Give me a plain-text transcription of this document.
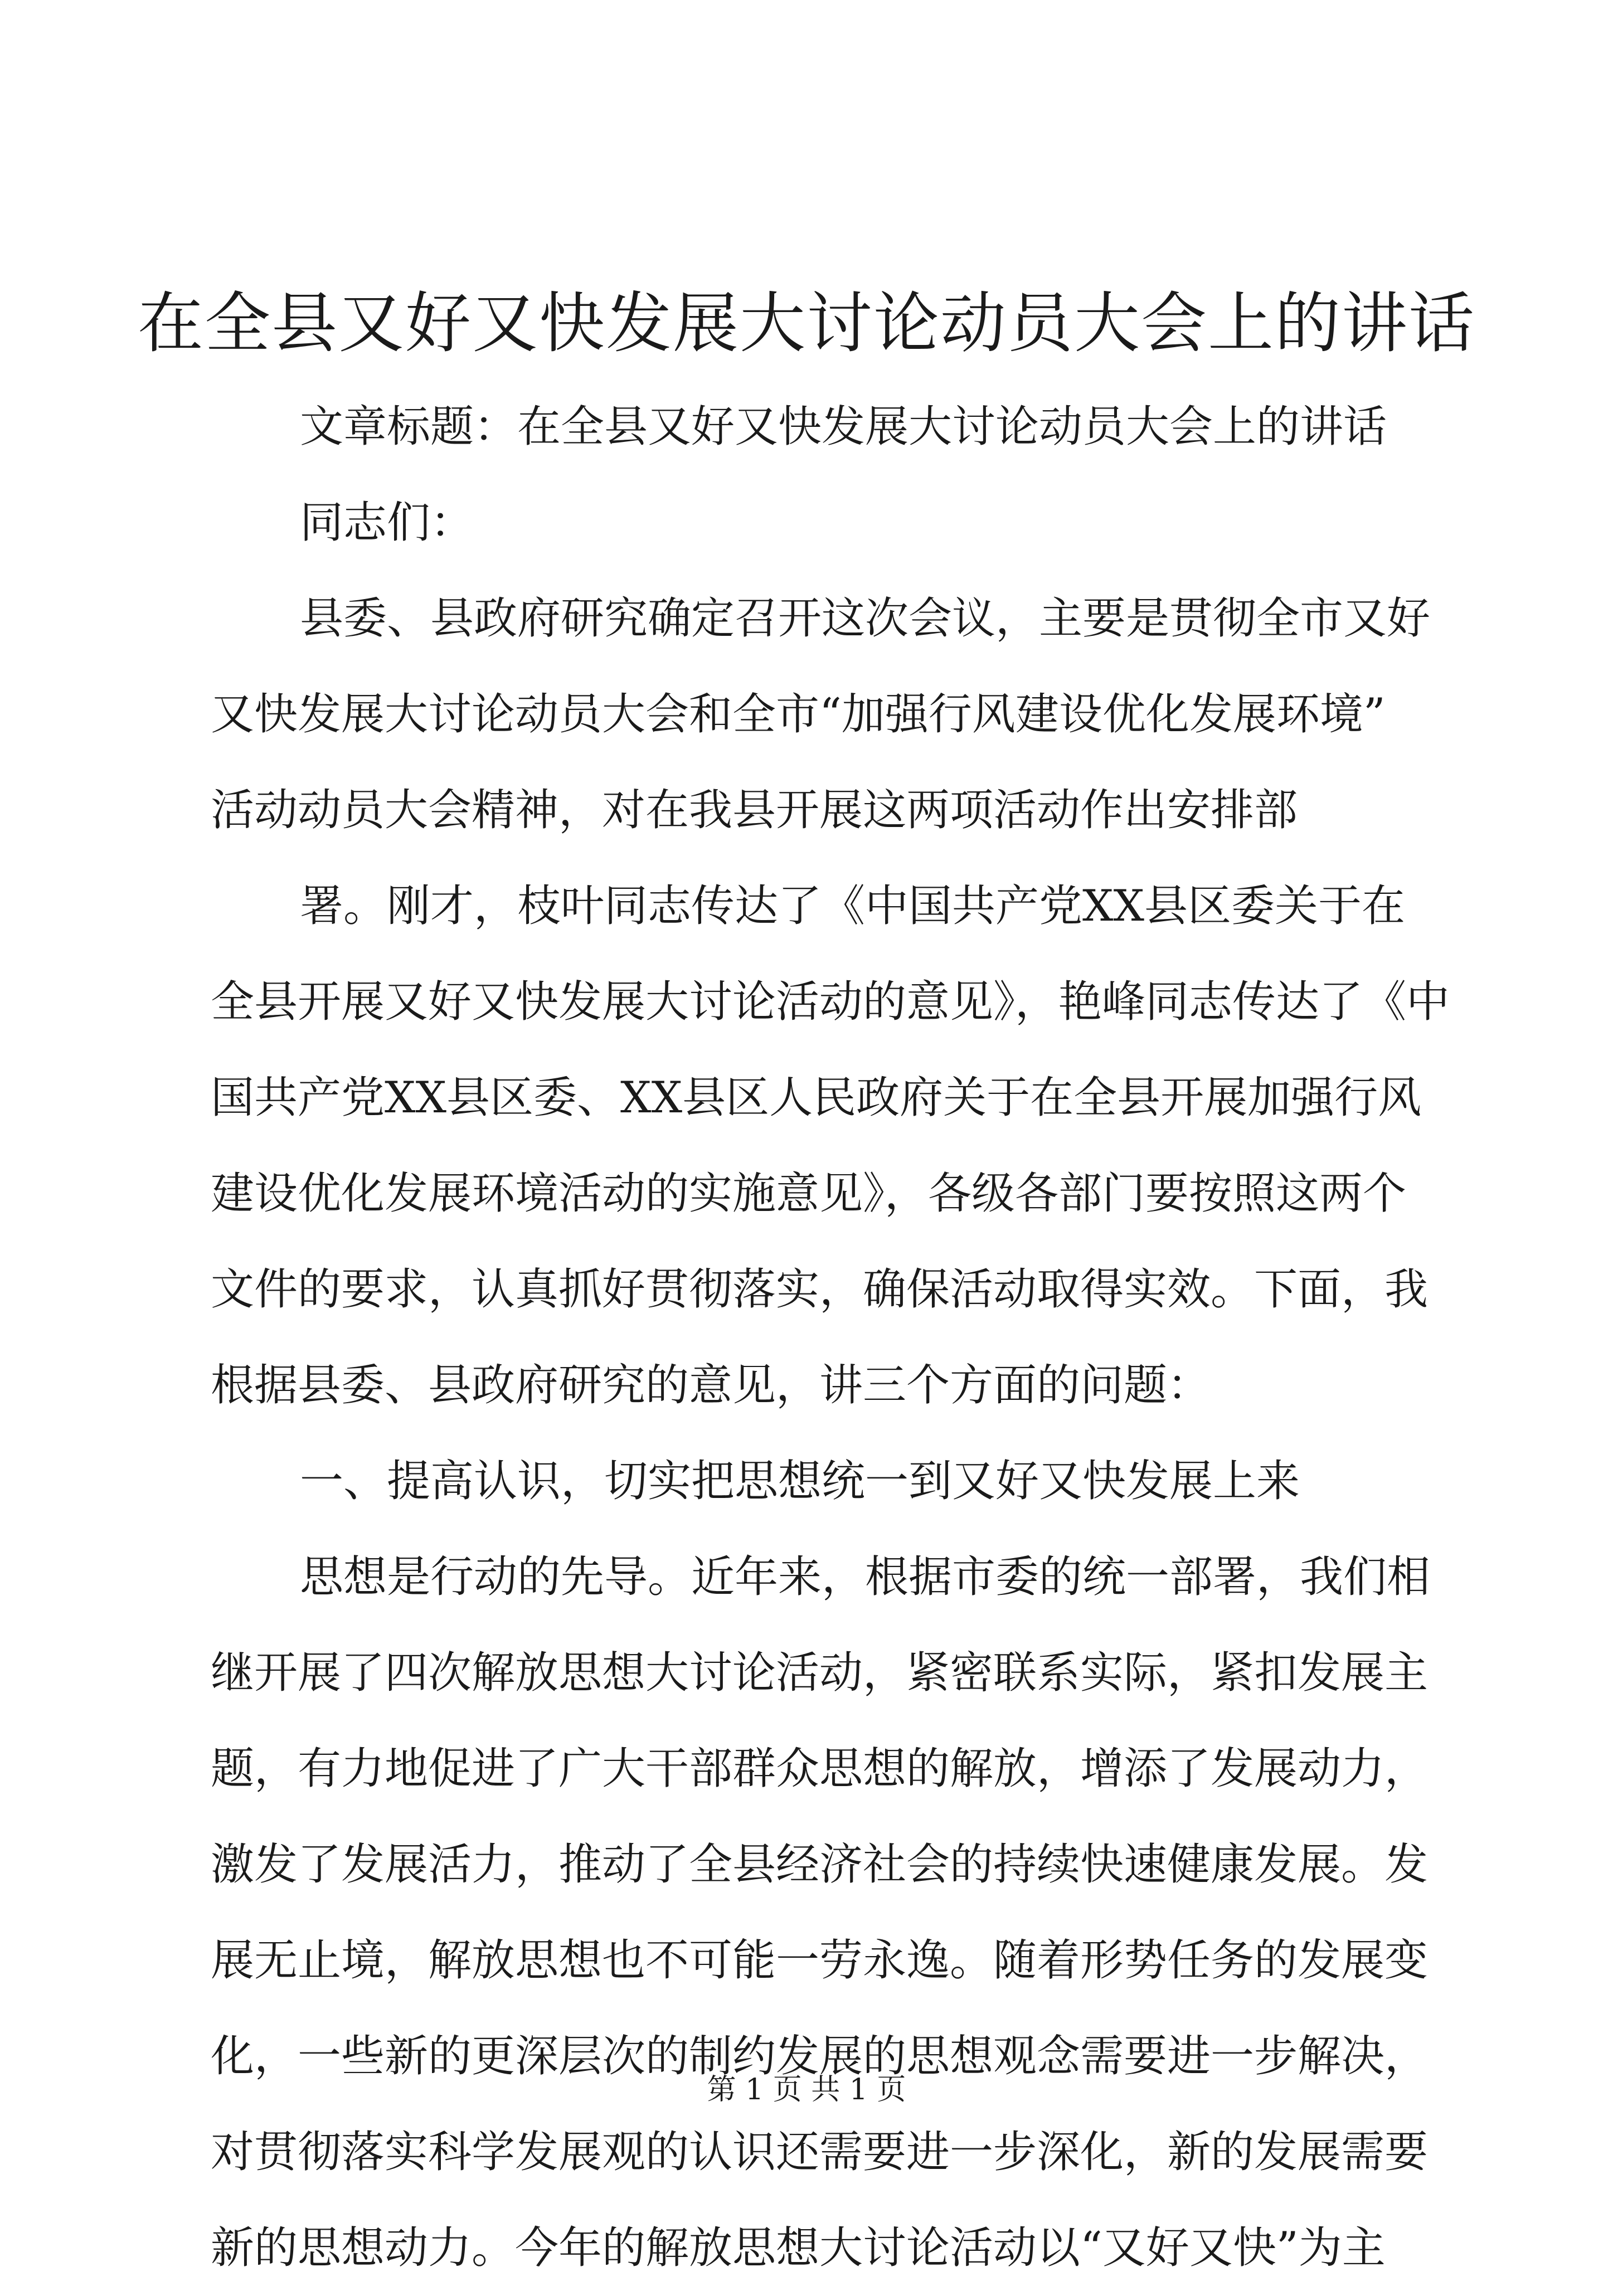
在全县又好又快发展大讨论动员大会上的讲话
文章标题：在全县又好又快发展大讨论动员大会上的讲话
同志们：
县委、县政府研究确定召开这次会议，主要是贯彻全市又好
又快发展大讨论动员大会和全市“加强行风建设优化发展环境”
活动动员大会精神，对在我县开展这两项活动作出安排部
署。刚才，枝叶同志传达了《中国共产党XX县区委关于在
全县开展又好又快发展大讨论活动的意见》，艳峰同志传达了《中
国共产党XX县区委、XX县区人民政府关于在全县开展加强行风
建设优化发展环境活动的实施意见》，各级各部门要按照这两个
文件的要求，认真抓好贯彻落实，确保活动取得实效。下面，我
根据县委、县政府研究的意见，讲三个方面的问题：
一、提高认识，切实把思想统一到又好又快发展上来
思想是行动的先导。近年来，根据市委的统一部署，我们相
继开展了四次解放思想大讨论活动，紧密联系实际，紧扣发展主
题，有力地促进了广大干部群众思想的解放，增添了发展动力，
激发了发展活力，推动了全县经济社会的持续快速健康发展。发
展无止境，解放思想也不可能一劳永逸。随着形势任务的发展变
化，一些新的更深层次的制约发展的思想观念需要进一步解决，
对贯彻落实科学发展观的认识还需要进一步深化，新的发展需要
新的思想动力。今年的解放思想大讨论活动以“又好又快”为主
第 1 页 共 1 页
